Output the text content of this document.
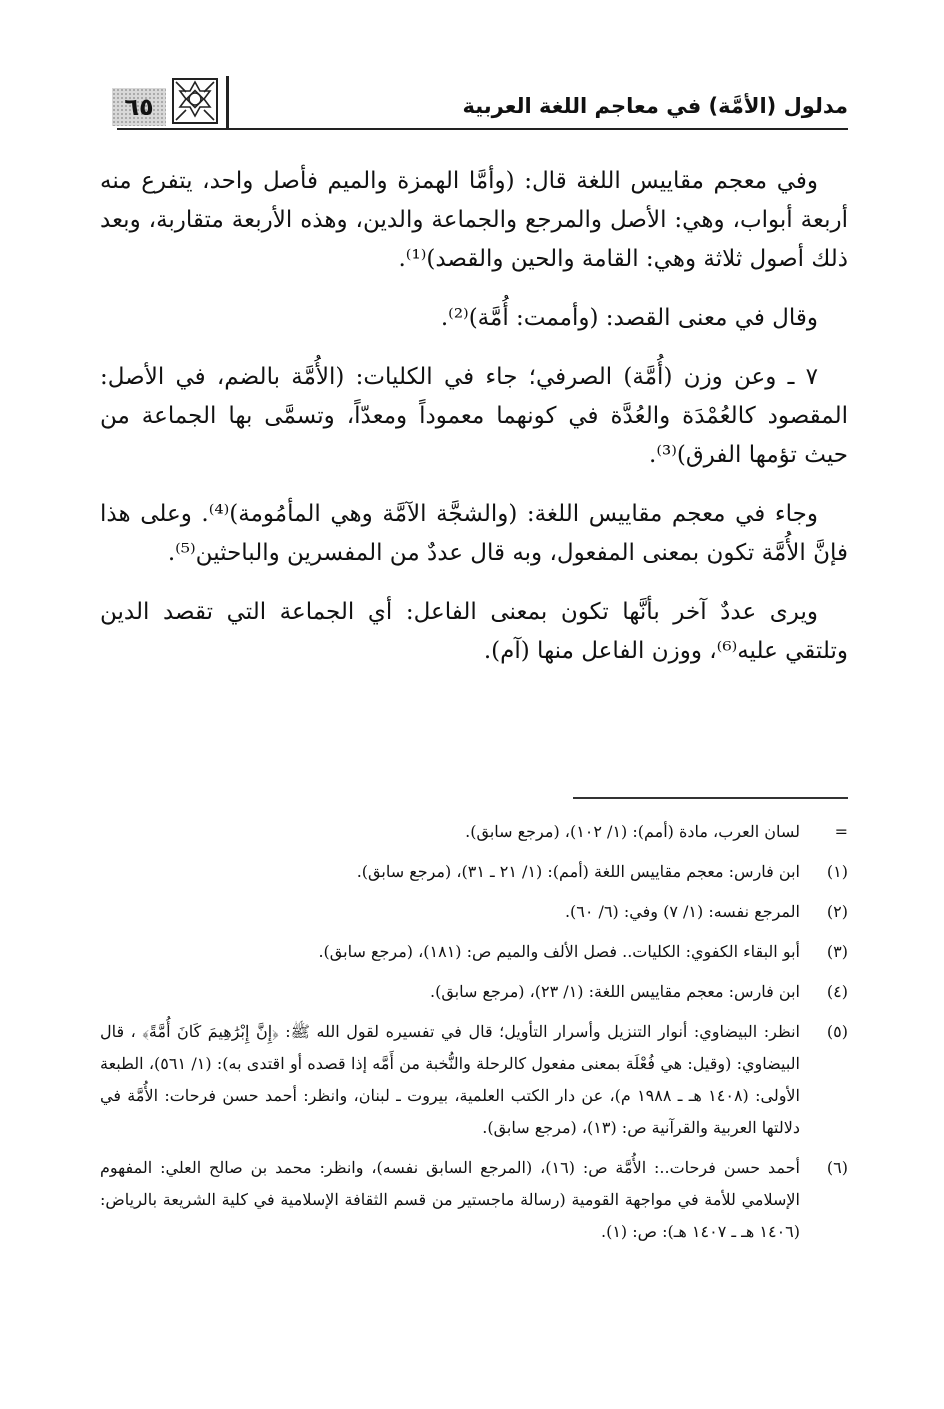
مدلول (الأمَّة) في معاجم اللغة العربية
٦٥

وفي معجم مقاييس اللغة قال: (وأمَّا الهمزة والميم فأصل واحد، يتفرع منه أربعة أبواب، وهي: الأصل والمرجع والجماعة والدين، وهذه الأربعة متقاربة، وبعد ذلك أصول ثلاثة وهي: القامة والحين والقصد)⁽¹⁾.

وقال في معنى القصد: (وأممت: أُمَّة)⁽²⁾.

٧ ـ وعن وزن (أُمَّة) الصرفي؛ جاء في الكليات: (الأُمَّة بالضم، في الأصل: المقصود كالعُمْدَة والعُدَّة في كونهما معموداً ومعدّاً، وتسمَّى بها الجماعة من حيث تؤمها الفرق)⁽³⁾.

وجاء في معجم مقاييس اللغة: (والشجَّة الآمَّة وهي المأمُومة)⁽⁴⁾. وعلى هذا فإنَّ الأُمَّة تكون بمعنى المفعول، وبه قال عددٌ من المفسرين والباحثين⁽⁵⁾.

ويرى عددٌ آخر بأنَّها تكون بمعنى الفاعل: أي الجماعة التي تقصد الدين وتلتقي عليه⁽⁶⁾، ووزن الفاعل منها (آم).

=
لسان العرب، مادة (أمم): (١/ ١٠٢)، (مرجع سابق).
(١)
ابن فارس: معجم مقاييس اللغة (أمم): (١/ ٢١ ـ ٣١)، (مرجع سابق).
(٢)
المرجع نفسه: (١/ ٧) وفي: (٦/ ٦٠).
(٣)
أبو البقاء الكفوي: الكليات.. فصل الألف والميم ص: (١٨١)، (مرجع سابق).
(٤)
ابن فارس: معجم مقاييس اللغة: (١/ ٢٣)، (مرجع سابق).
(٥)
انظر: البيضاوي: أنوار التنزيل وأسرار التأويل؛ قال في تفسيره لقول الله ﷺ: ﴿إِنَّ إِبْرَٰهِيمَ كَانَ أُمَّةً﴾ ، قال البيضاوي: (وقيل: هي فُعْلَة بمعنى مفعول كالرحلة والنُّخبة من أَمَّه إذا قصده أو اقتدى به): (١/ ٥٦١)، الطبعة الأولى: (١٤٠٨ هـ ـ ١٩٨٨ م)، عن دار الكتب العلمية، بيروت ـ لبنان، وانظر: أحمد حسن فرحات: الأُمَّة في دلالتها العربية والقرآنية ص: (١٣)، (مرجع سابق).
(٦)
أحمد حسن فرحات..: الأُمَّة ص: (١٦)، (المرجع السابق نفسه)، وانظر: محمد بن صالح العلي: المفهوم الإسلامي للأمة في مواجهة القومية (رسالة ماجستير من قسم الثقافة الإسلامية في كلية الشريعة بالرياض: (١٤٠٦ هـ ـ ١٤٠٧ هـ): ص: (١).
